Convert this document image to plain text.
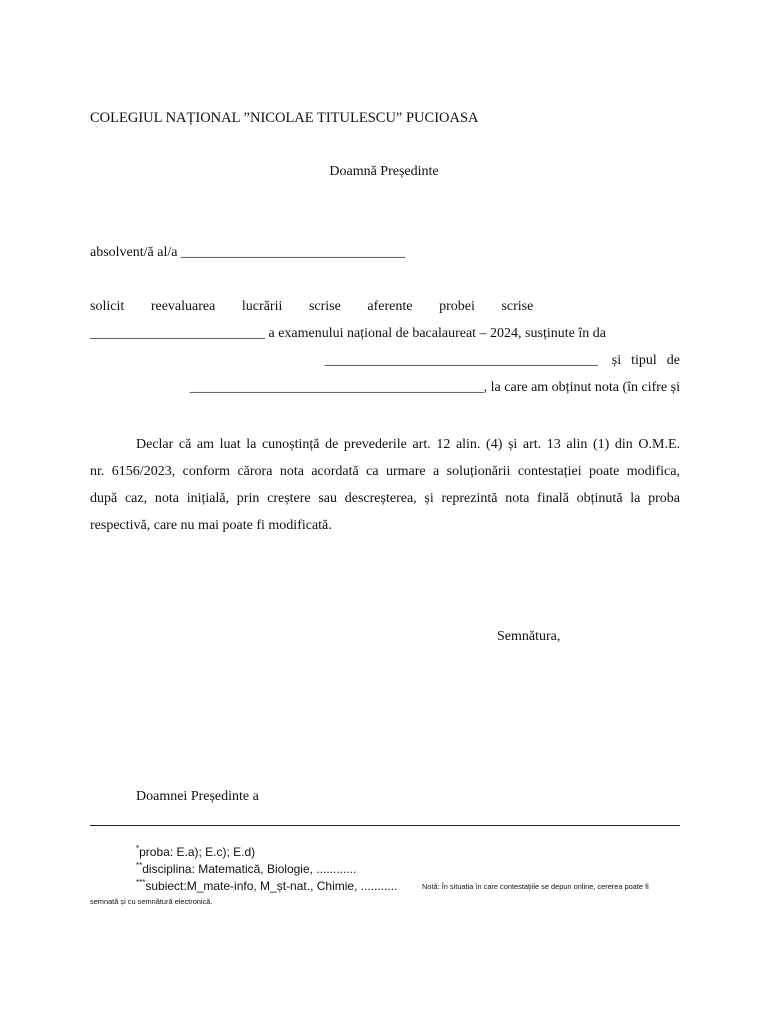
COLEGIUL NAȚIONAL ”NICOLAE TITULESCU” PUCIOASA
Doamnă Președinte
absolvent/ă al/a ________________________________
solicit reevaluarea lucrării scrise aferente probei scrise
_________________________ a examenului național de bacalaureat – 2024, susținute în da
_______________________________________ și tipul de
__________________________________________, la care am obținut nota (în cifre și
Declar că am luat la cunoștință de prevederile art. 12 alin. (4) și art. 13 alin (1) din O.M.E.
nr. 6156/2023, conform cărora nota acordată ca urmare a soluționării contestației poate modifica,
după caz, nota inițială, prin creștere sau descreșterea, și reprezintă nota finală obținută la proba
respectivă, care nu mai poate fi modificată.
Semnătura,
Doamnei Președinte a
*proba: E.a); E.c); E.d)
**disciplina: Matematică, Biologie, ............
***subiect:M_mate-info, M_șt-nat., Chimie, ...........	Notă: În situația în care contestațiile se depun online, cererea poate fi
semnată și cu semnătură electronică.
